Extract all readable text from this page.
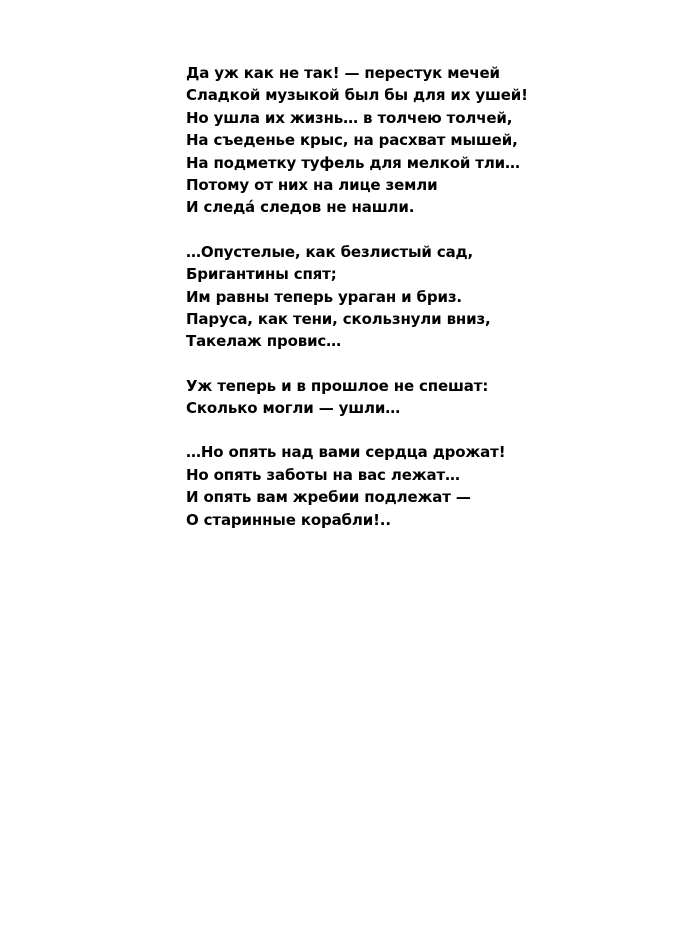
Да уж как не так! — перестук мечей
Сладкой музыкой был бы для их ушей!
Но ушла их жизнь… в толчею толчей,
На съеденье крыс, на расхват мышей,
На подметку туфель для мелкой тли…
Потому от них на лице земли
И следа́ следов не нашли.
…Опустелые, как безлистый сад,
Бригантины спят;
Им равны теперь ураган и бриз.
Паруса, как тени, скользнули вниз,
Такелаж провис…
Уж теперь и в прошлое не спешат:
Сколько могли — ушли…
…Но опять над вами сердца дрожат!
Но опять заботы на вас лежат…
И опять вам жребии подлежат —
О старинные корабли!..
